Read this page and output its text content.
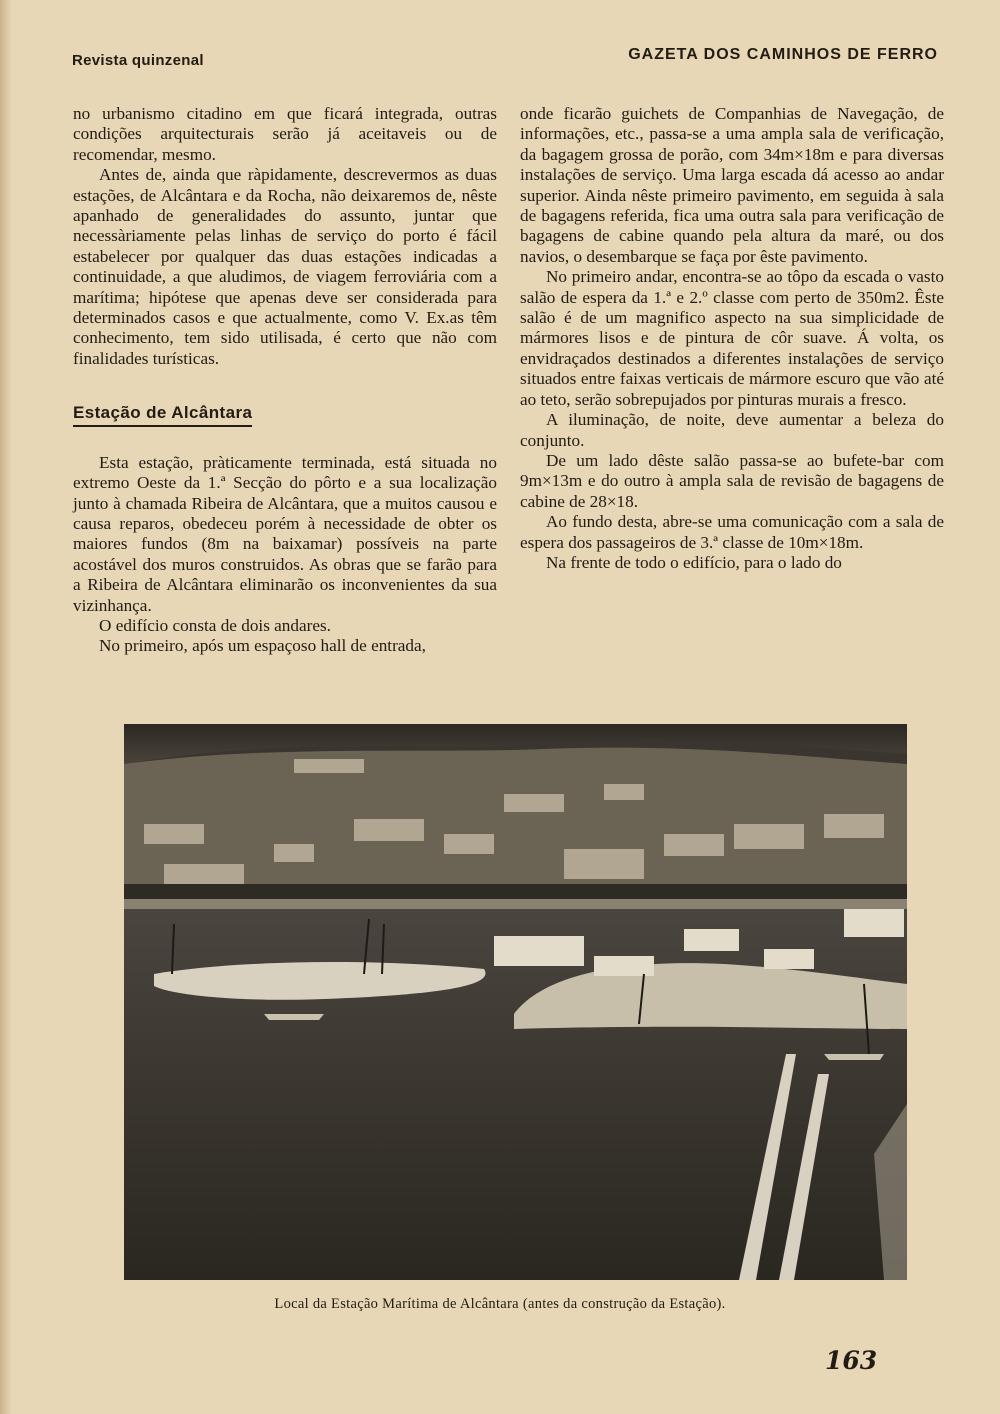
Revista quinzenal	GAZETA DOS CAMINHOS DE FERRO

no urbanismo citadino em que ficará integrada, outras condições arquitecturais serão já aceitaveis ou de recomendar, mesmo.

Antes de, ainda que ràpidamente, descrevermos as duas estações, de Alcântara e da Rocha, não deixaremos de, nêste apanhado de generalidades do assunto, juntar que necessàriamente pelas linhas de serviço do porto é fácil estabelecer por qualquer das duas estações indicadas a continuidade, a que aludimos, de viagem ferroviária com a marítima; hipótese que apenas deve ser considerada para determinados casos e que actualmente, como V. Ex.as têm conhecimento, tem sido utilisada, é certo que não com finalidades turísticas.

Estação de Alcântara

Esta estação, pràticamente terminada, está situada no extremo Oeste da 1.ª Secção do pôrto e a sua localização junto à chamada Ribeira de Alcântara, que a muitos causou e causa reparos, obedeceu porém à necessidade de obter os maiores fundos (8m na baixamar) possíveis na parte acostável dos muros construidos. As obras que se farão para a Ribeira de Alcântara eliminarão os inconvenientes da sua vizinhança.

O edifício consta de dois andares.

No primeiro, após um espaçoso hall de entrada,

onde ficarão guichets de Companhias de Navegação, de informações, etc., passa-se a uma ampla sala de verificação, da bagagem grossa de porão, com 34m×18m e para diversas instalações de serviço. Uma larga escada dá acesso ao andar superior. Ainda nêste primeiro pavimento, em seguida à sala de bagagens referida, fica uma outra sala para verificação de bagagens de cabine quando pela altura da maré, ou dos navios, o desembarque se faça por êste pavimento.

No primeiro andar, encontra-se ao tôpo da escada o vasto salão de espera da 1.ª e 2.º classe com perto de 350m2. Êste salão é de um magnifico aspecto na sua simplicidade de mármores lisos e de pintura de côr suave. Á volta, os envidraçados destinados a diferentes instalações de serviço situados entre faixas verticais de mármore escuro que vão até ao teto, serão sobrepujados por pinturas murais a fresco.

A iluminação, de noite, deve aumentar a beleza do conjunto.

De um lado dêste salão passa-se ao bufete-bar com 9m×13m e do outro à ampla sala de revisão de bagagens de cabine de 28×18.

Ao fundo desta, abre-se uma comunicação com a sala de espera dos passageiros de 3.ª classe de 10m×18m.

Na frente de todo o edifício, para o lado do

Local da Estação Marítima de Alcântara (antes da construção da Estação).
163
